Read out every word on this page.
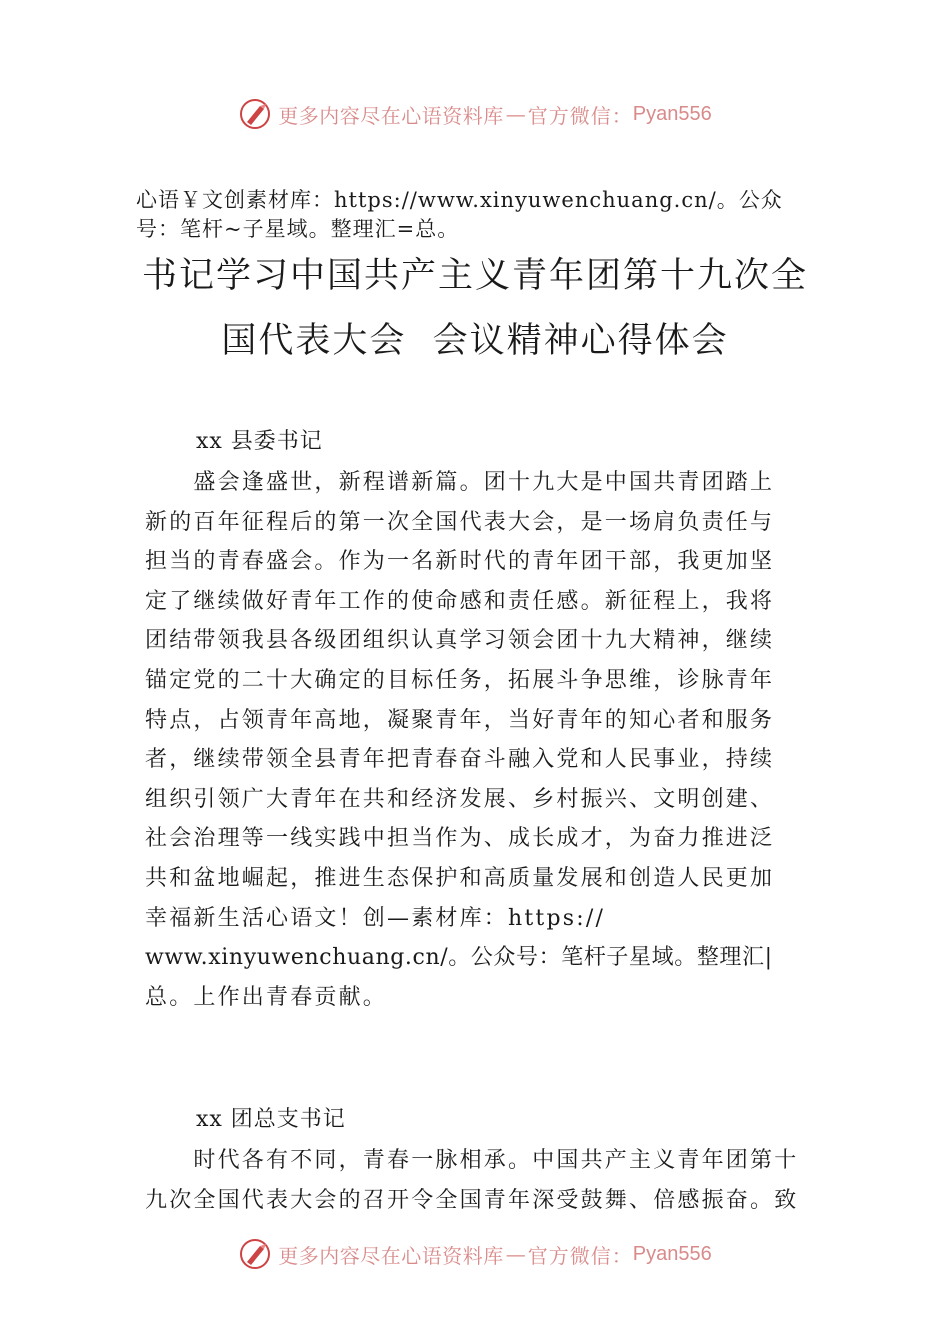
更多内容尽在心语资料库 — 官方微信： Pyan556
心语￥文创素材库：https://www.xinyuwenchuang.cn/。公众
号：笔杆~子星域。整理汇=总。
书记学习中国共产主义青年团第十九次全
国代表大会  会议精神心得体会
xx 县委书记
　　盛会逢盛世，新程谱新篇。团十九大是中国共青团踏上
新的百年征程后的第一次全国代表大会，是一场肩负责任与
担当的青春盛会。作为一名新时代的青年团干部，我更加坚
定了继续做好青年工作的使命感和责任感。新征程上，我将
团结带领我县各级团组织认真学习领会团十九大精神，继续
锚定党的二十大确定的目标任务，拓展斗争思维，诊脉青年
特点，占领青年高地，凝聚青年，当好青年的知心者和服务
者，继续带领全县青年把青春奋斗融入党和人民事业，持续
组织引领广大青年在共和经济发展、乡村振兴、文明创建、
社会治理等一线实践中担当作为、成长成才，为奋力推进泛
共和盆地崛起，推进生态保护和高质量发展和创造人民更加
幸福新生活心语文！创—素材库：https://
www.xinyuwenchuang.cn/。公众号：笔杆子星域。整理汇|
总。上作出青春贡献。
xx 团总支书记
　　时代各有不同，青春一脉相承。中国共产主义青年团第十
九次全国代表大会的召开令全国青年深受鼓舞、倍感振奋。致
更多内容尽在心语资料库 — 官方微信： Pyan556
